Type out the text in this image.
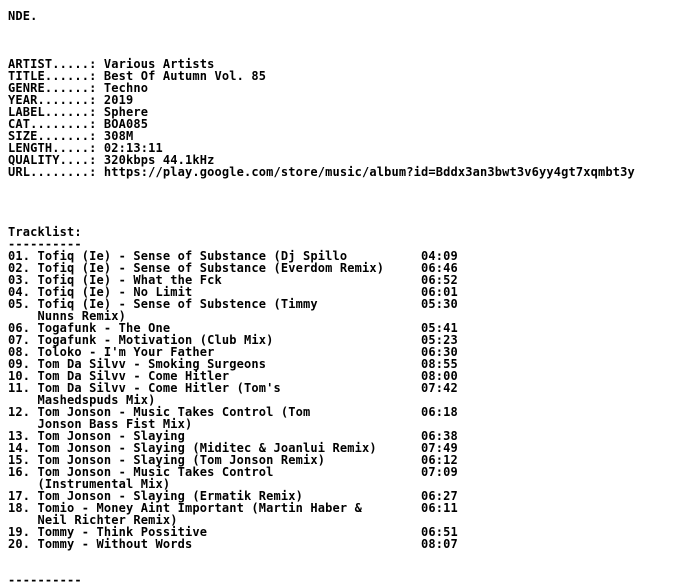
NDE.
ARTIST.....: Various Artists
TITLE......: Best Of Autumn Vol. 85
GENRE......: Techno
YEAR.......: 2019
LABEL......: Sphere
CAT........: BOA085
SIZE.......: 308M
LENGTH.....: 02:13:11
QUALITY....: 320kbps 44.1kHz
URL........: https://play.google.com/store/music/album?id=Bddx3an3bwt3v6yy4gt7xqmbt3y
Tracklist:
----------
01. Tofiq (Ie) - Sense of Substance (Dj Spillo	04:09
02. Tofiq (Ie) - Sense of Substance (Everdom Remix)	06:46
03. Tofiq (Ie) - What the Fck	06:52
04. Tofiq (Ie) - No Limit	06:01
05. Tofiq (Ie) - Sense of Substence (Timmy	05:30
Nunns Remix)
06. Togafunk - The One	05:41
07. Togafunk - Motivation (Club Mix)	05:23
08. Toloko - I'm Your Father	06:30
09. Tom Da Silvv - Smoking Surgeons	08:55
10. Tom Da Silvv - Come Hitler	08:00
11. Tom Da Silvv - Come Hitler (Tom's	07:42
Mashedspuds Mix)
12. Tom Jonson - Music Takes Control (Tom	06:18
Jonson Bass Fist Mix)
13. Tom Jonson - Slaying	06:38
14. Tom Jonson - Slaying (Miditec & Joanlui Remix)	07:49
15. Tom Jonson - Slaying (Tom Jonson Remix)	06:12
16. Tom Jonson - Music Takes Control	07:09
(Instrumental Mix)
17. Tom Jonson - Slaying (Ermatik Remix)	06:27
18. Tomio - Money Aint Important (Martin Haber &	06:11
Neil Richter Remix)
19. Tommy - Think Possitive	06:51
20. Tommy - Without Words	08:07
----------
